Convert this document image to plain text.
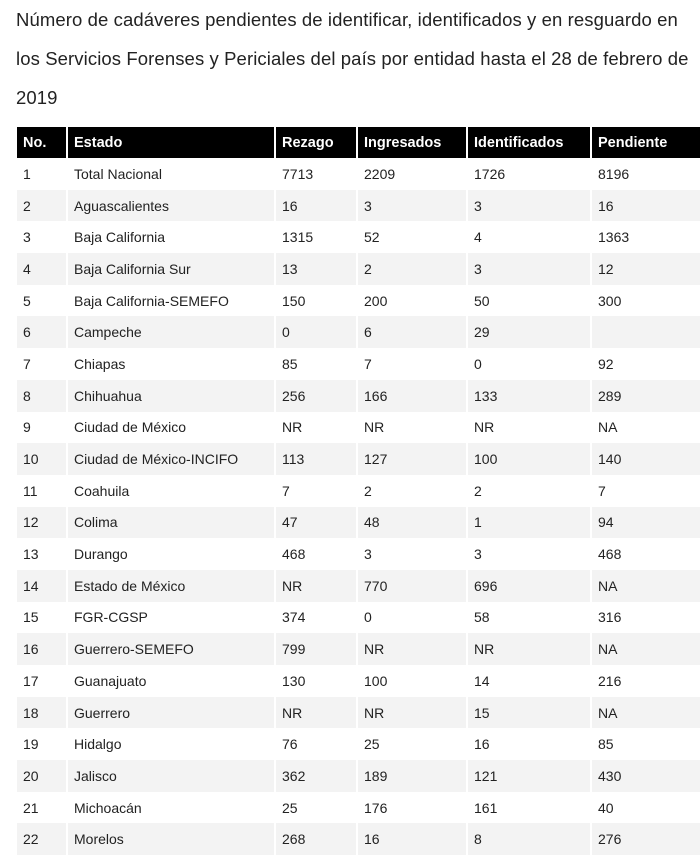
Número de cadáveres pendientes de identificar, identificados y en resguardo en los Servicios Forenses y Periciales del país por entidad hasta el 28 de febrero de 2019
No.	Estado	Rezago	Ingresados	Identificados	Pendiente
1	Total Nacional	7713	2209	1726	8196
2	Aguascalientes	16	3	3	16
3	Baja California	1315	52	4	1363
4	Baja California Sur	13	2	3	12
5	Baja California-SEMEFO	150	200	50	300
6	Campeche	0	6	29	
7	Chiapas	85	7	0	92
8	Chihuahua	256	166	133	289
9	Ciudad de México	NR	NR	NR	NA
10	Ciudad de México-INCIFO	113	127	100	140
11	Coahuila	7	2	2	7
12	Colima	47	48	1	94
13	Durango	468	3	3	468
14	Estado de México	NR	770	696	NA
15	FGR-CGSP	374	0	58	316
16	Guerrero-SEMEFO	799	NR	NR	NA
17	Guanajuato	130	100	14	216
18	Guerrero	NR	NR	15	NA
19	Hidalgo	76	25	16	85
20	Jalisco	362	189	121	430
21	Michoacán	25	176	161	40
22	Morelos	268	16	8	276
